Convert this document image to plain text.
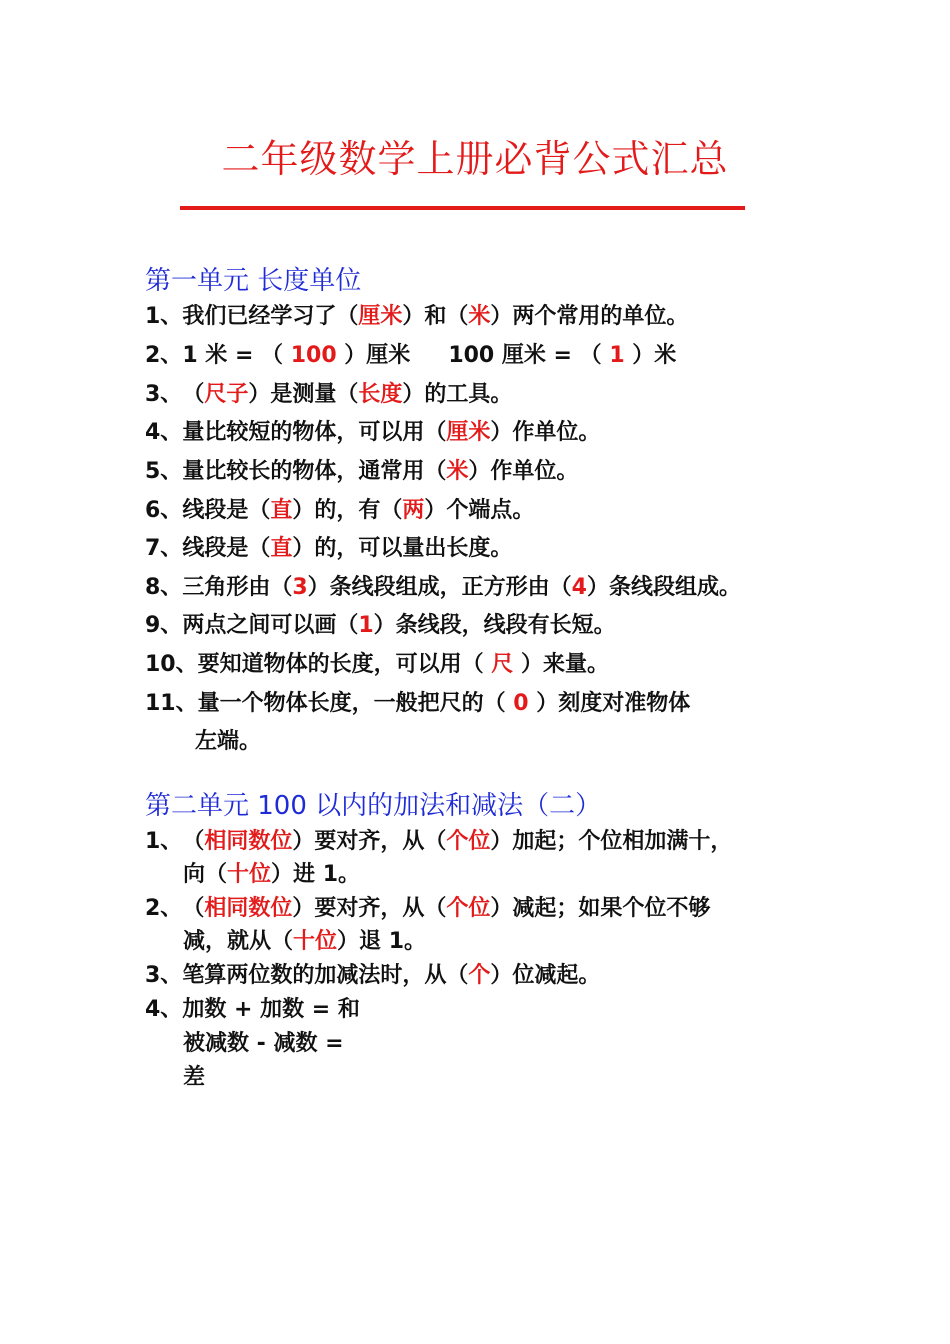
二年级数学上册必背公式汇总
第一单元 长度单位
1、我们已经学习了（厘米）和（米）两个常用的单位。
2、1 米 = （ 100 ）厘米 100 厘米 = （ 1 ）米
3、（尺子）是测量（长度）的工具。
4、量比较短的物体，可以用（厘米）作单位。
5、量比较长的物体，通常用（米）作单位。
6、线段是（直）的，有（两）个端点。
7、线段是（直）的，可以量出长度。
8、三角形由（3）条线段组成，正方形由（4）条线段组成。
9、两点之间可以画（1）条线段，线段有长短。
10、要知道物体的长度，可以用（ 尺 ）来量。
11、量一个物体长度，一般把尺的（ 0 ）刻度对准物体
左端。
第二单元 100 以内的加法和减法（二）
1、（相同数位）要对齐，从（个位）加起；个位相加满十，
向（十位）进 1。
2、（相同数位）要对齐，从（个位）减起；如果个位不够
减，就从（十位）退 1。
3、笔算两位数的加减法时，从（个）位减起。
4、加数 + 加数 = 和
被减数 - 减数 =
差
